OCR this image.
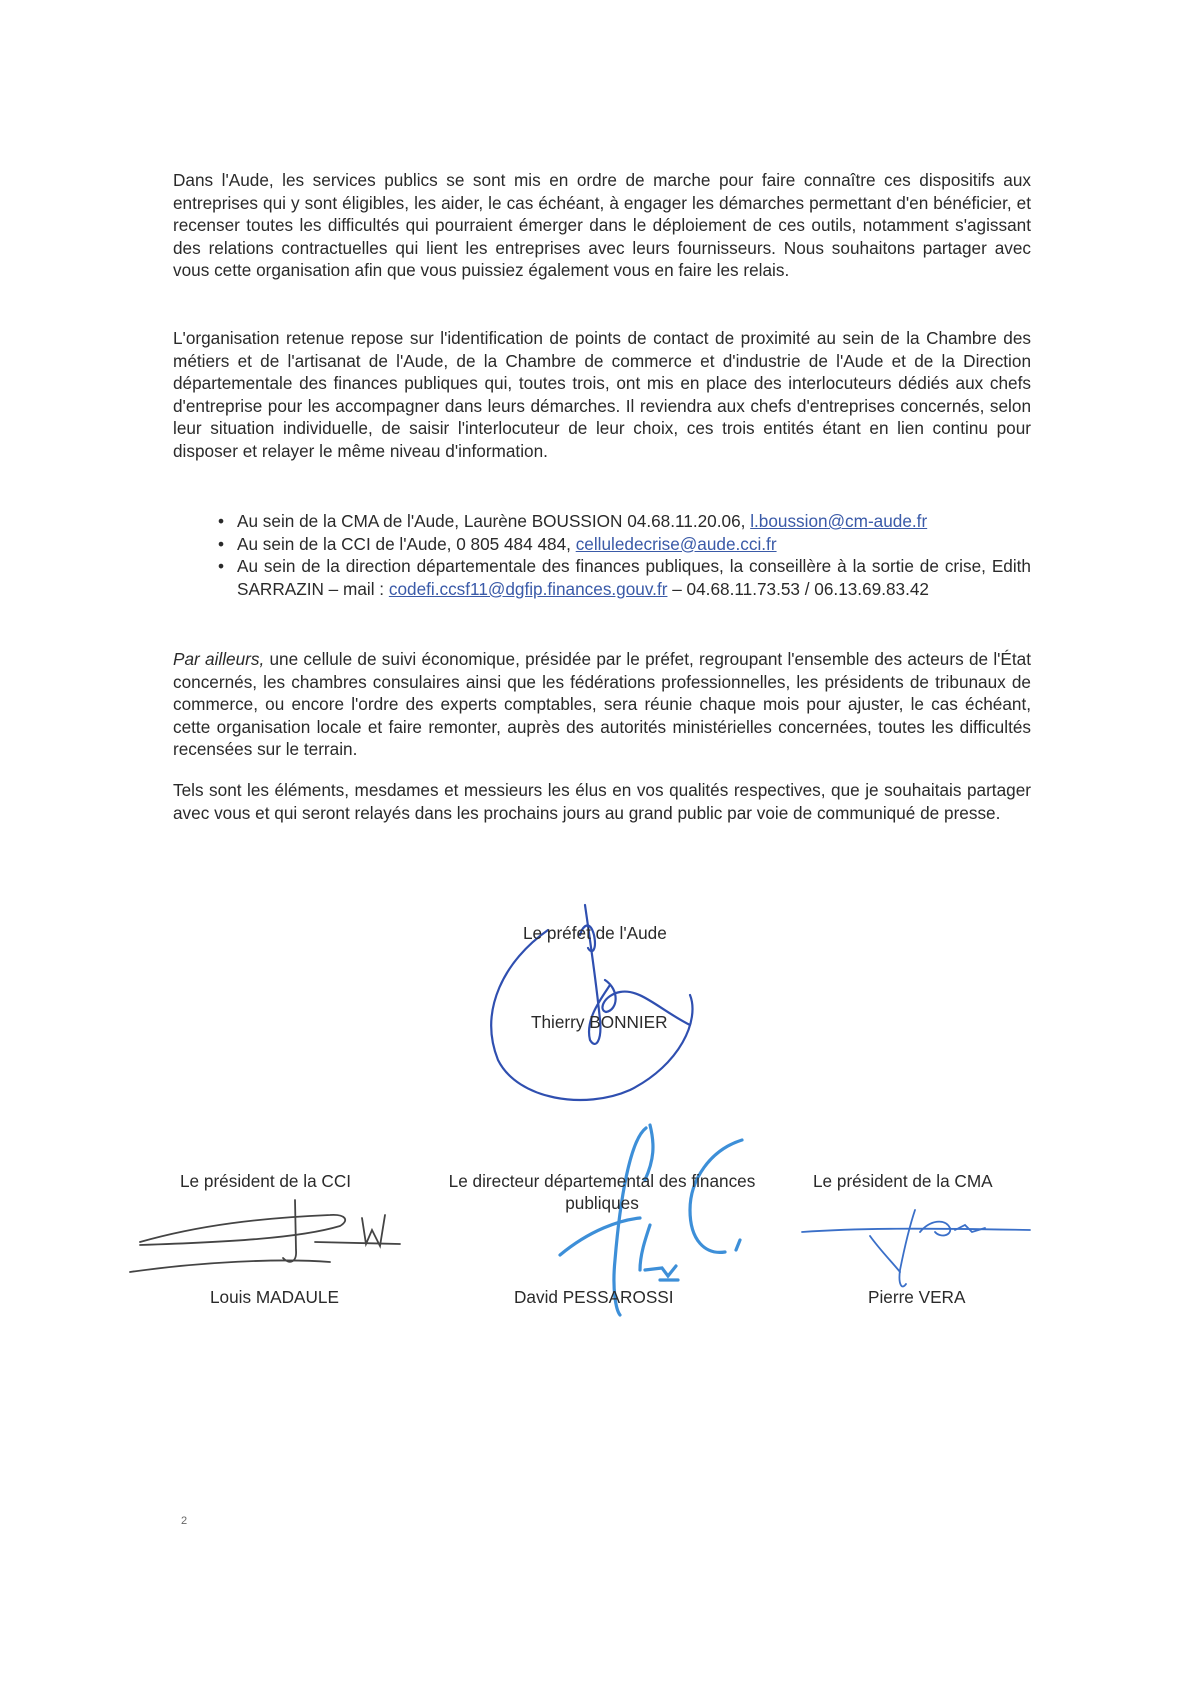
Dans l'Aude, les services publics se sont mis en ordre de marche pour faire connaître ces dispositifs aux entreprises qui y sont éligibles, les aider, le cas échéant, à engager les démarches permettant d'en bénéficier, et recenser toutes les difficultés qui pourraient émerger dans le déploiement de ces outils, notamment s'agissant des relations contractuelles qui lient les entreprises avec leurs fournisseurs. Nous souhaitons partager avec vous cette organisation afin que vous puissiez également vous en faire les relais.

L'organisation retenue repose sur l'identification de points de contact de proximité au sein de la Chambre des métiers et de l'artisanat de l'Aude, de la Chambre de commerce et d'industrie de l'Aude et de la Direction départementale des finances publiques qui, toutes trois, ont mis en place des interlocuteurs dédiés aux chefs d'entreprise pour les accompagner dans leurs démarches. Il reviendra aux chefs d'entreprises concernés, selon leur situation individuelle, de saisir l'interlocuteur de leur choix, ces trois entités étant en lien continu pour disposer et relayer le même niveau d'information.

• Au sein de la CMA de l'Aude, Laurène BOUSSION 04.68.11.20.06, l.boussion@cm-aude.fr
• Au sein de la CCI de l'Aude, 0 805 484 484, celluledecrise@aude.cci.fr
• Au sein de la direction départementale des finances publiques, la conseillère à la sortie de crise, Edith SARRAZIN – mail : codefi.ccsf11@dgfip.finances.gouv.fr – 04.68.11.73.53 / 06.13.69.83.42

Par ailleurs, une cellule de suivi économique, présidée par le préfet, regroupant l'ensemble des acteurs de l'État concernés, les chambres consulaires ainsi que les fédérations professionnelles, les présidents de tribunaux de commerce, ou encore l'ordre des experts comptables, sera réunie chaque mois pour ajuster, le cas échéant, cette organisation locale et faire remonter, auprès des autorités ministérielles concernées, toutes les difficultés recensées sur le terrain.

Tels sont les éléments, mesdames et messieurs les élus en vos qualités respectives, que je souhaitais partager avec vous et qui seront relayés dans les prochains jours au grand public par voie de communiqué de presse.

Le préfet de l'Aude
Thierry BONNIER
Le président de la CCI
Louis MADAULE
Le directeur départemental des finances
publiques
David PESSAROSSI
Le président de la CMA
Pierre VERA
2
